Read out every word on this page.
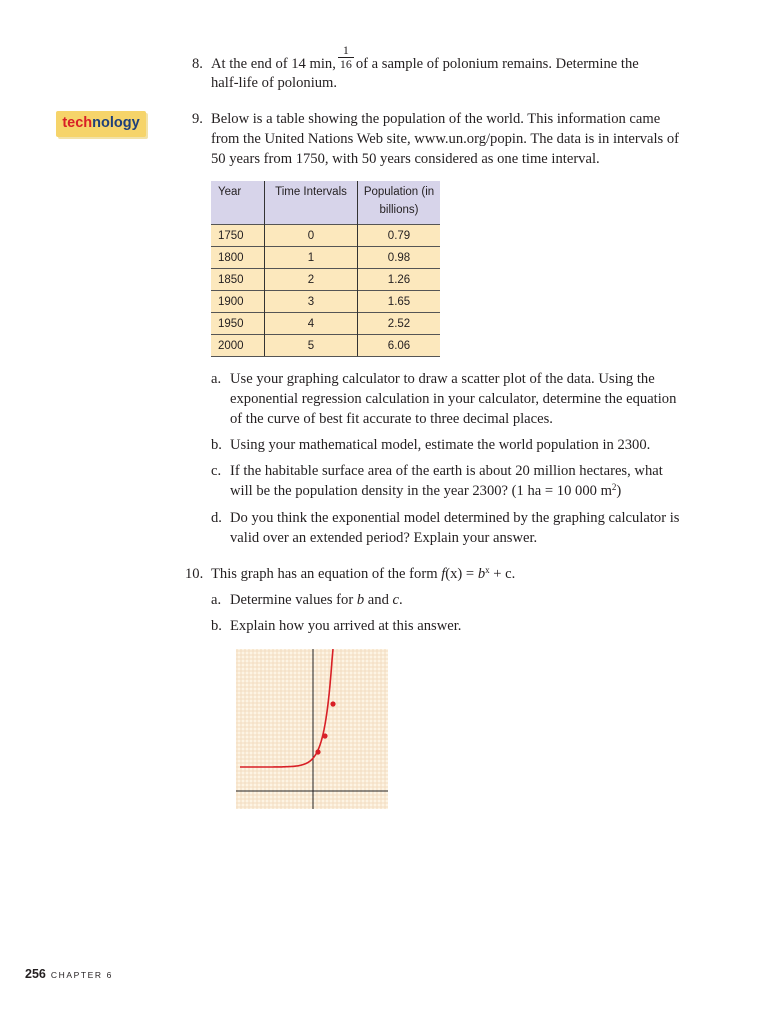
8. At the end of 14 min, $\frac{1}{16}$ of a sample of polonium remains. Determine the
half-life of polonium.
technology	9. Below is a table showing the population of the world. This information came from the United Nations Web site, www.un.org/popin. The data is in intervals of 50 years from 1750, with 50 years considered as one time interval.
Year	Time Intervals	Population (in billions)
1750	0	0.79
1800	1	0.98
1850	2	1.26
1900	3	1.65
1950	4	2.52
2000	5	6.06
a. Use your graphing calculator to draw a scatter plot of the data. Using the exponential regression calculation in your calculator, determine the equation of the curve of best fit accurate to three decimal places.
b. Using your mathematical model, estimate the world population in 2300.
c. If the habitable surface area of the earth is about 20 million hectares, what will be the population density in the year 2300? (1 ha = 10 000 $m^2$)
d. Do you think the exponential model determined by the graphing calculator is valid over an extended period? Explain your answer.
10. This graph has an equation of the form $f(x) = b^x + c$.
a. Determine values for b and c.
b. Explain how you arrived at this answer.
256 CHAPTER 6
